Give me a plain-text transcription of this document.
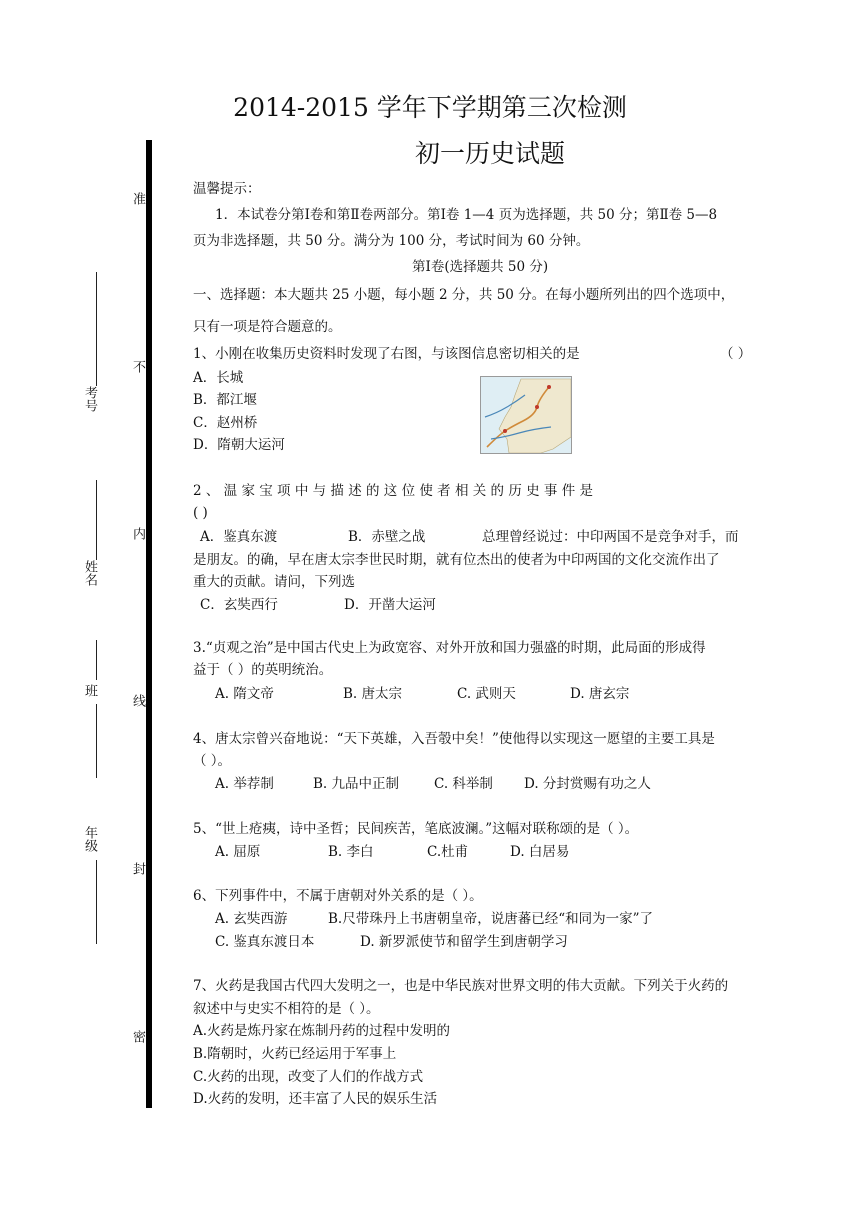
2014-2015 学年下学期第三次检测
初一历史试题
准
不
内
线
封
密
考号
姓名
班
年级
温馨提示：
1．本试卷分第Ⅰ卷和第Ⅱ卷两部分。第Ⅰ卷 1—4 页为选择题，共 50 分；第Ⅱ卷 5—8
页为非选择题，共 50 分。满分为 100 分，考试时间为 60 分钟。
第Ⅰ卷(选择题共 50 分)
一、选择题：本大题共 25 小题，每小题 2 分，共 50 分。在每小题所列出的四个选项中，
只有一项是符合题意的。
1、小刚在收集历史资料时发现了右图，与该图信息密切相关的是	（ ）
A．长城
B．都江堰
C．赵州桥
D．隋朝大运河
2 、 温 家 宝 项 中 与 描 述 的 这 位 使 者 相 关 的 历 史 事 件 是
( )
A．鉴真东渡	B．赤壁之战	总理曾经说过：中印两国不是竞争对手，而
是朋友。的确，早在唐太宗李世民时期，就有位杰出的使者为中印两国的文化交流作出了
重大的贡献。请问，下列选
C．玄奘西行	D．开凿大运河
3.“贞观之治”是中国古代史上为政宽容、对外开放和国力强盛的时期，此局面的形成得
益于（ ）的英明统治。
A. 隋文帝	B. 唐太宗	C. 武则天	D. 唐玄宗
4、唐太宗曾兴奋地说：“天下英雄，入吾彀中矣！”使他得以实现这一愿望的主要工具是
（ ）。
A. 举荐制	B. 九品中正制	C. 科举制 D. 分封赏赐有功之人
5、“世上疮痍，诗中圣哲；民间疾苦，笔底波澜。”这幅对联称颂的是（ ）。
A. 屈原	B. 李白	C.杜甫	D. 白居易
6、下列事件中，不属于唐朝对外关系的是（ ）。
A. 玄奘西游	B.尺带珠丹上书唐朝皇帝，说唐蕃已经“和同为一家”了
C. 鉴真东渡日本	D. 新罗派使节和留学生到唐朝学习
7、火药是我国古代四大发明之一，也是中华民族对世界文明的伟大贡献。下列关于火药的
叙述中与史实不相符的是（ ）。
A.火药是炼丹家在炼制丹药的过程中发明的
B.隋朝时，火药已经运用于军事上
C.火药的出现，改变了人们的作战方式
D.火药的发明，还丰富了人民的娱乐生活
